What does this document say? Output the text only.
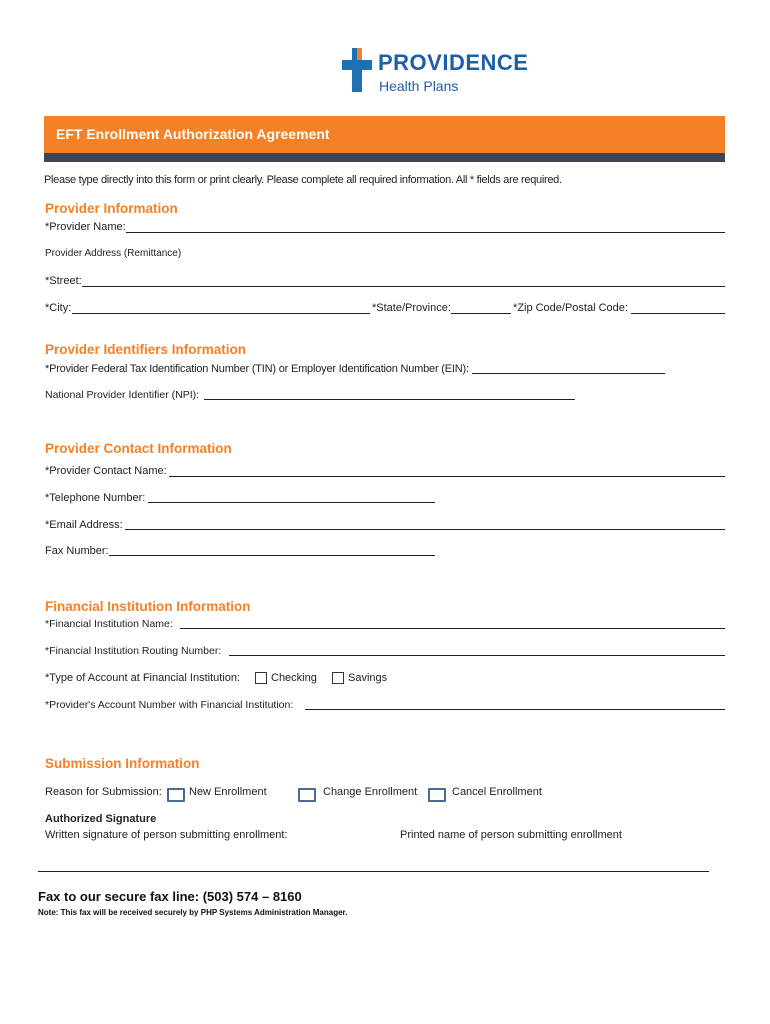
PROVIDENCE
Health Plans
EFT Enrollment Authorization Agreement
Please type directly into this form or print clearly. Please complete all required information. All * fields are required.
Provider Information
*Provider Name:
Provider Address (Remittance)
*Street:
*City:	*State/Province:	*Zip Code/Postal Code:
Provider Identifiers Information
*Provider Federal Tax Identification Number (TIN) or Employer Identification Number (EIN):
National Provider Identifier (NPI):
Provider Contact Information
*Provider Contact Name:
*Telephone Number:
*Email Address:
Fax Number:
Financial Institution Information
*Financial Institution Name:
*Financial Institution Routing Number:
*Type of Account at Financial Institution:	Checking	Savings
*Provider's Account Number with Financial Institution:
Submission Information
Reason for Submission: New Enrollment	Change Enrollment	Cancel Enrollment
Authorized Signature
Written signature of person submitting enrollment:	Printed name of person submitting enrollment
Fax to our secure fax line: (503) 574 – 8160
Note: This fax will be received securely by PHP Systems Administration Manager.
